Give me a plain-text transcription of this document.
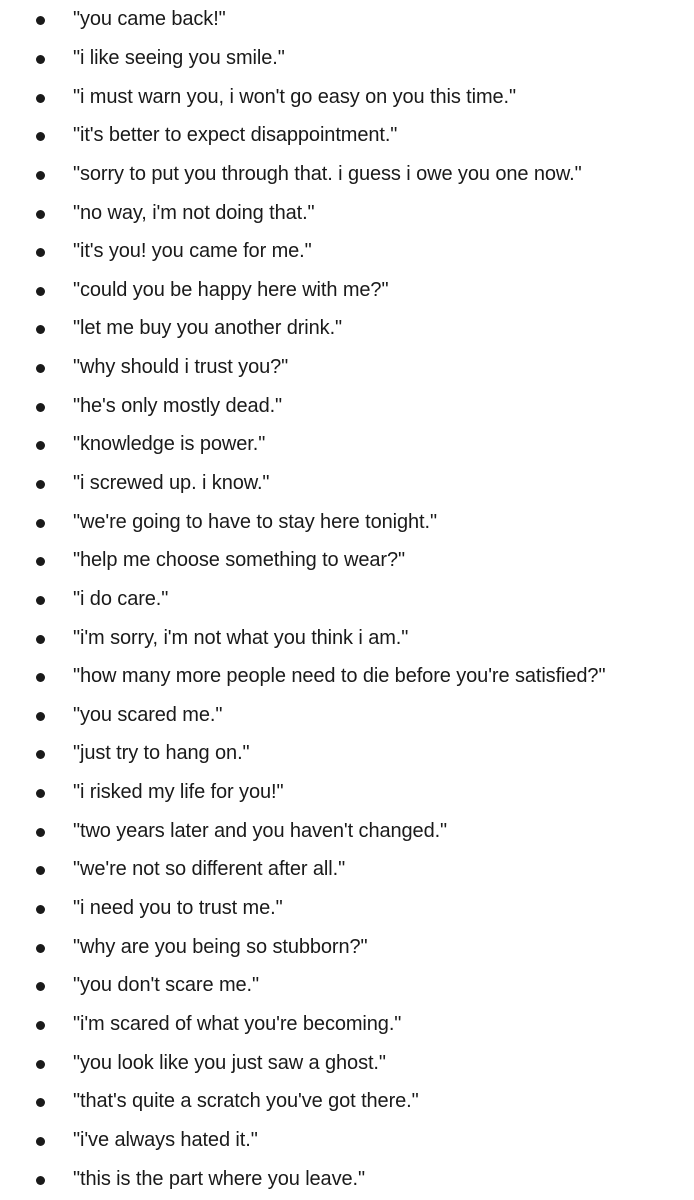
"you came back!"
"i like seeing you smile."
"i must warn you, i won't go easy on you this time."
"it's better to expect disappointment."
"sorry to put you through that. i guess i owe you one now."
"no way, i'm not doing that."
"it's you! you came for me."
"could you be happy here with me?"
"let me buy you another drink."
"why should i trust you?"
"he's only mostly dead."
"knowledge is power."
"i screwed up. i know."
"we're going to have to stay here tonight."
"help me choose something to wear?"
"i do care."
"i'm sorry, i'm not what you think i am."
"how many more people need to die before you're satisfied?"
"you scared me."
"just try to hang on."
"i risked my life for you!"
"two years later and you haven't changed."
"we're not so different after all."
"i need you to trust me."
"why are you being so stubborn?"
"you don't scare me."
"i'm scared of what you're becoming."
"you look like you just saw a ghost."
"that's quite a scratch you've got there."
"i've always hated it."
"this is the part where you leave."
